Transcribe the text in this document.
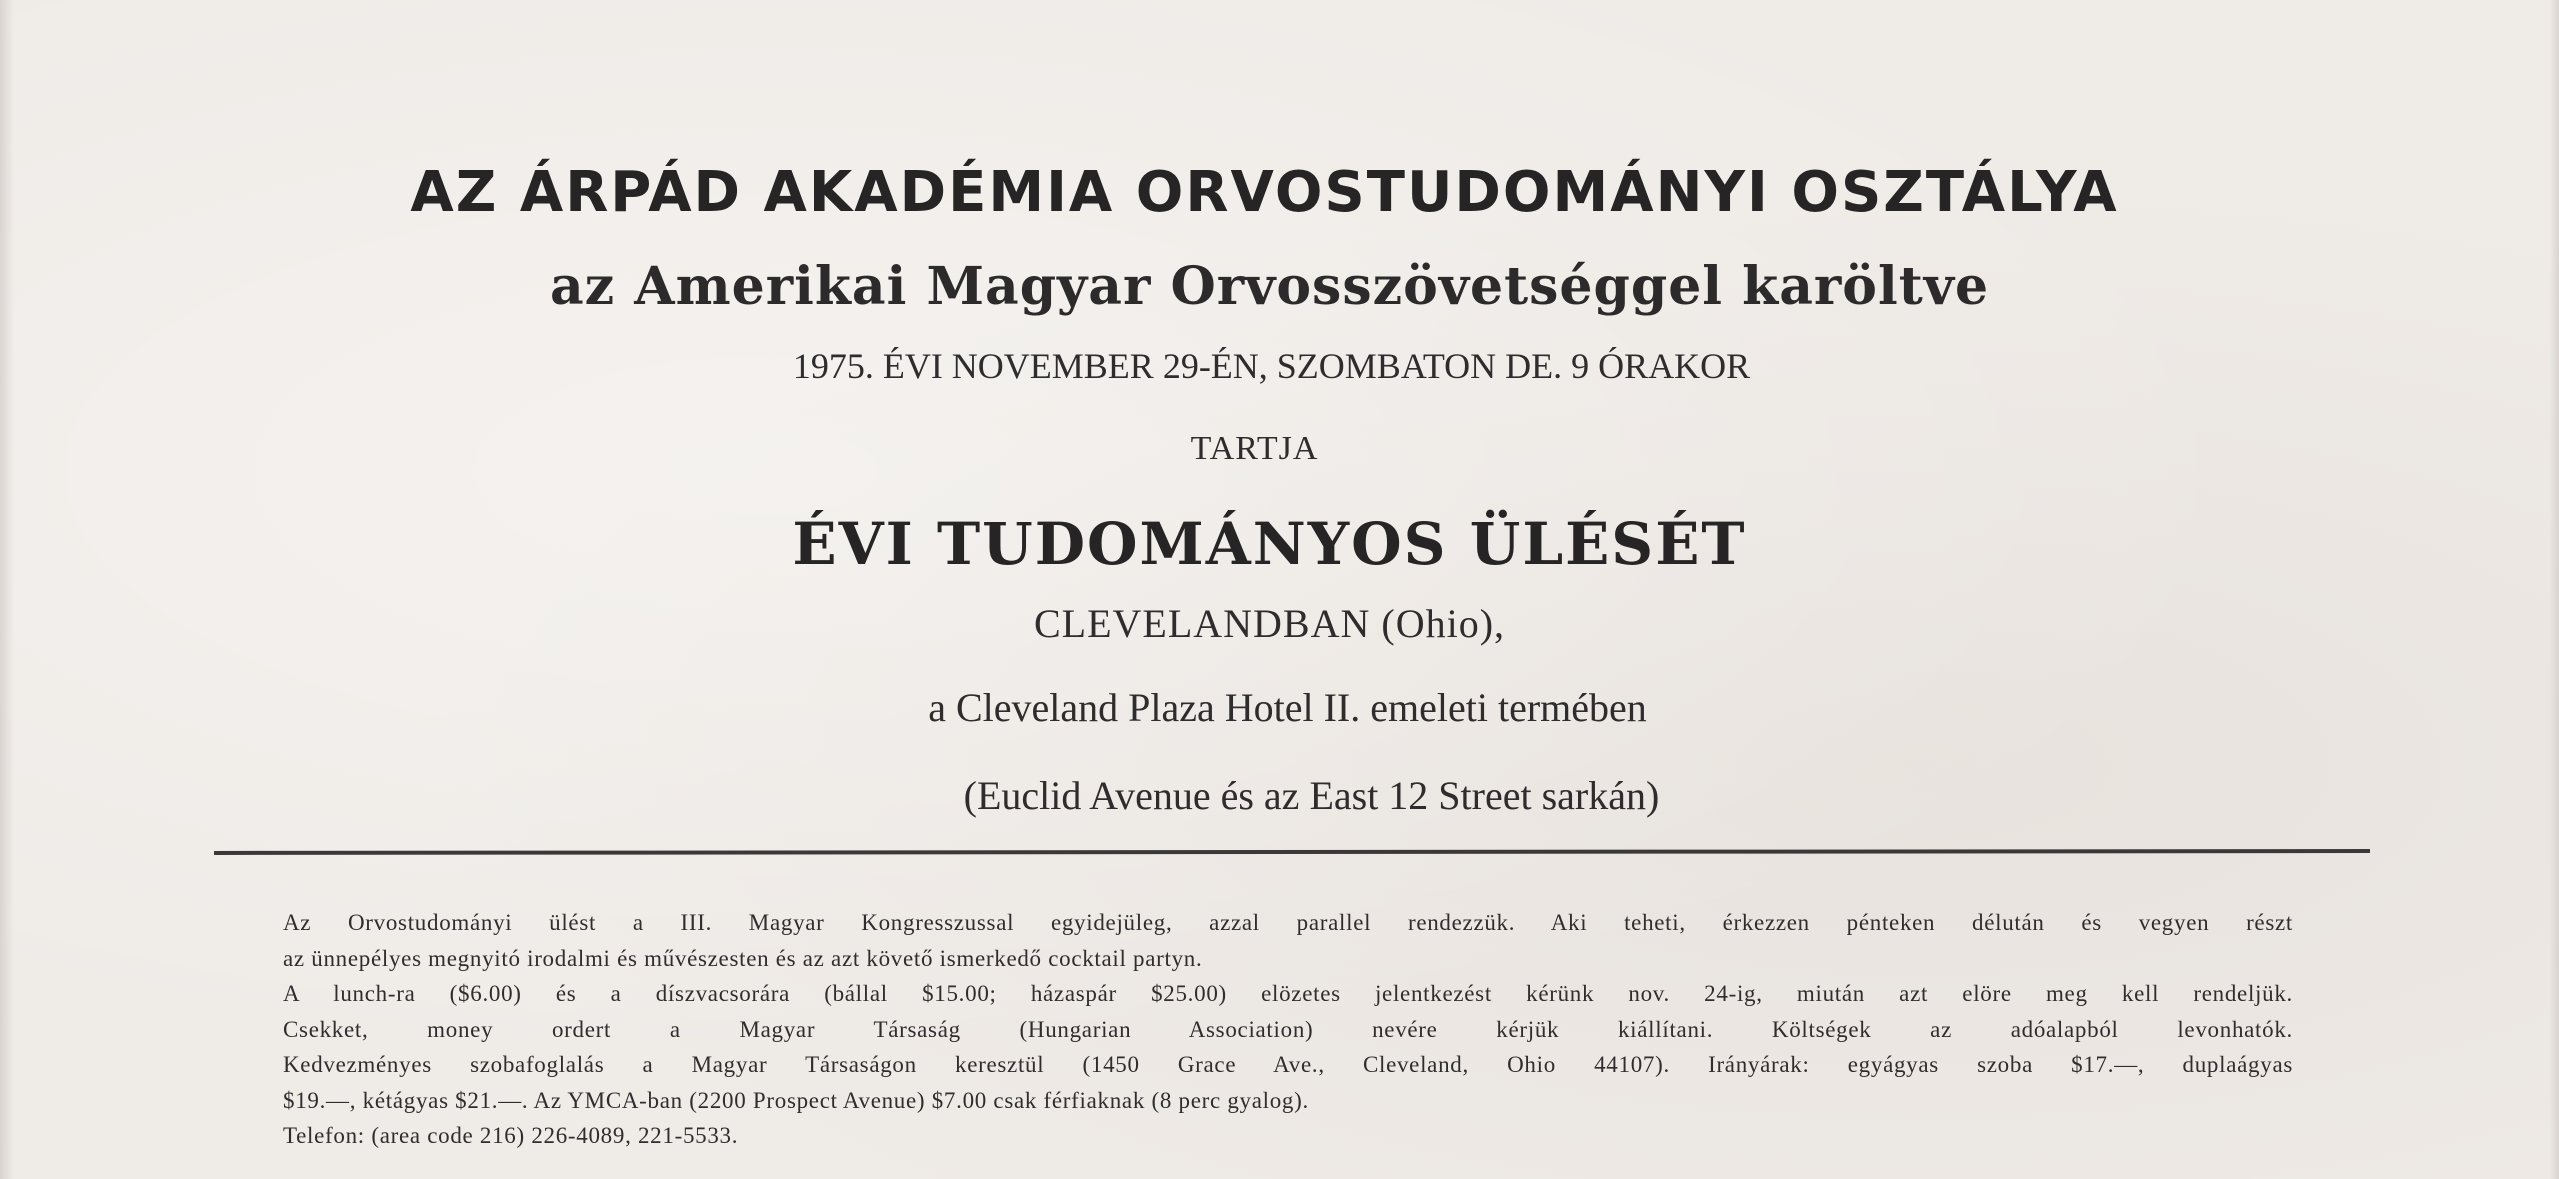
AZ ÁRPÁD AKADÉMIA ORVOSTUDOMÁNYI OSZTÁLYA
az Amerikai Magyar Orvosszövetséggel karöltve
1975. ÉVI NOVEMBER 29-ÉN, SZOMBATON DE. 9 ÓRAKOR
TARTJA
ÉVI TUDOMÁNYOS ÜLÉSÉT
CLEVELANDBAN (Ohio),
a Cleveland Plaza Hotel II. emeleti termében
(Euclid Avenue és az East 12 Street sarkán)
Az Orvostudományi ülést a III. Magyar Kongresszussal egyidejüleg, azzal parallel rendezzük. Aki teheti, érkezzen pénteken délután és vegyen részt
az ünnepélyes megnyitó irodalmi és művészesten és az azt követő ismerkedő cocktail partyn.
A lunch-ra ($6.00) és a díszvacsorára (bállal $15.00; házaspár $25.00) elözetes jelentkezést kérünk nov. 24-ig, miután azt elöre meg kell rendeljük.
Csekket, money ordert a Magyar Társaság (Hungarian Association) nevére kérjük kiállítani. Költségek az adóalapból levonhatók.
Kedvezményes szobafoglalás a Magyar Társaságon keresztül (1450 Grace Ave., Cleveland, Ohio 44107). Irányárak: egyágyas szoba $17.—, duplaágyas
$19.—, kétágyas $21.—. Az YMCA-ban (2200 Prospect Avenue) $7.00 csak férfiaknak (8 perc gyalog).
Telefon: (area code 216) 226-4089, 221-5533.
